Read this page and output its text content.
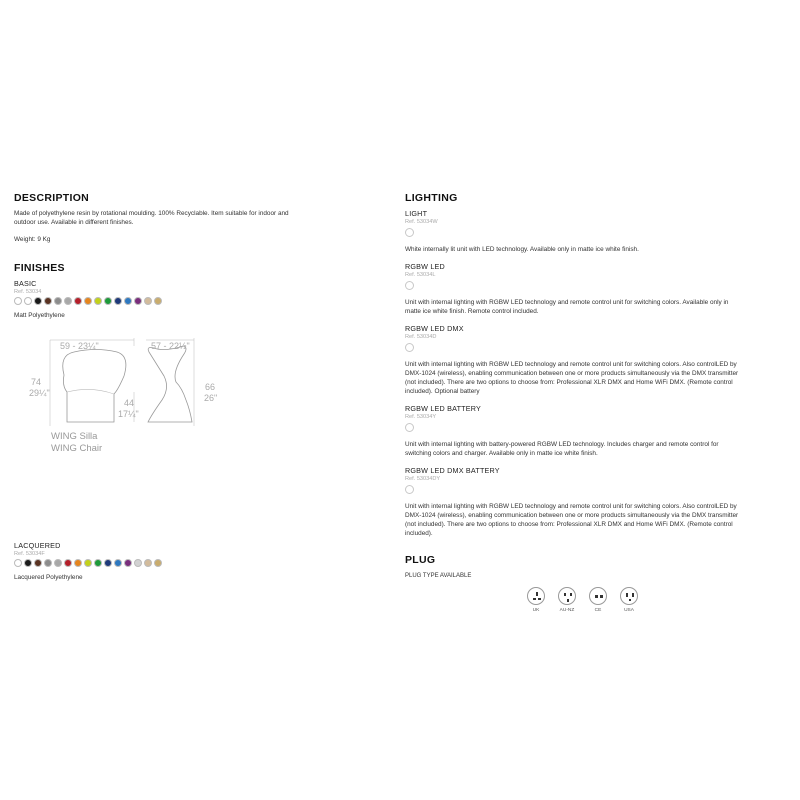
DESCRIPTION

Made of polyethylene resin by rotational moulding. 100% Recyclable. Item suitable for indoor and

outdoor use. Available in different finishes.

Weight: 9 Kg

FINISHES
BASIC
Ref. 53034

Matt Polyethylene

59 - 23¼"
74
29¼"
44
17¼"
57 - 22½"
66
26"
WING Silla
WING Chair
LACQUERED
Ref. 53034F

Lacquered Polyethylene

LIGHTING
LIGHT
Ref. 53034W

White internally lit unit with LED technology. Available only in matte ice white finish.

RGBW LED
Ref. 53034L

Unit with internal lighting with RGBW LED technology and remote control unit for switching colors. Available only in

matte ice white finish. Remote control included.

RGBW LED DMX
Ref. 53034D

Unit with internal lighting with RGBW LED technology and remote control unit for switching colors. Also controlLED by

DMX-1024 (wireless), enabling communication between one or more products simultaneously via the DMX transmitter

(not included). There are two options to choose from: Professional XLR DMX and Home WiFi DMX. (Remote control

included). Optional battery

RGBW LED BATTERY
Ref. 53034Y

Unit with internal lighting with battery-powered RGBW LED technology. Includes charger and remote control for

switching colors and charger. Available only in matte ice white finish.

RGBW LED DMX BATTERY
Ref. 53034DY

Unit with internal lighting with RGBW LED technology and remote control unit for switching colors. Also controlLED by

DMX-1024 (wireless), enabling communication between one or more products simultaneously via the DMX transmitter

(not included). There are two options to choose from: Professional XLR DMX and Home WiFi DMX. (Remote control

included).

PLUG

PLUG TYPE AVAILABLE

UK	AU-NZ	CE	USA
